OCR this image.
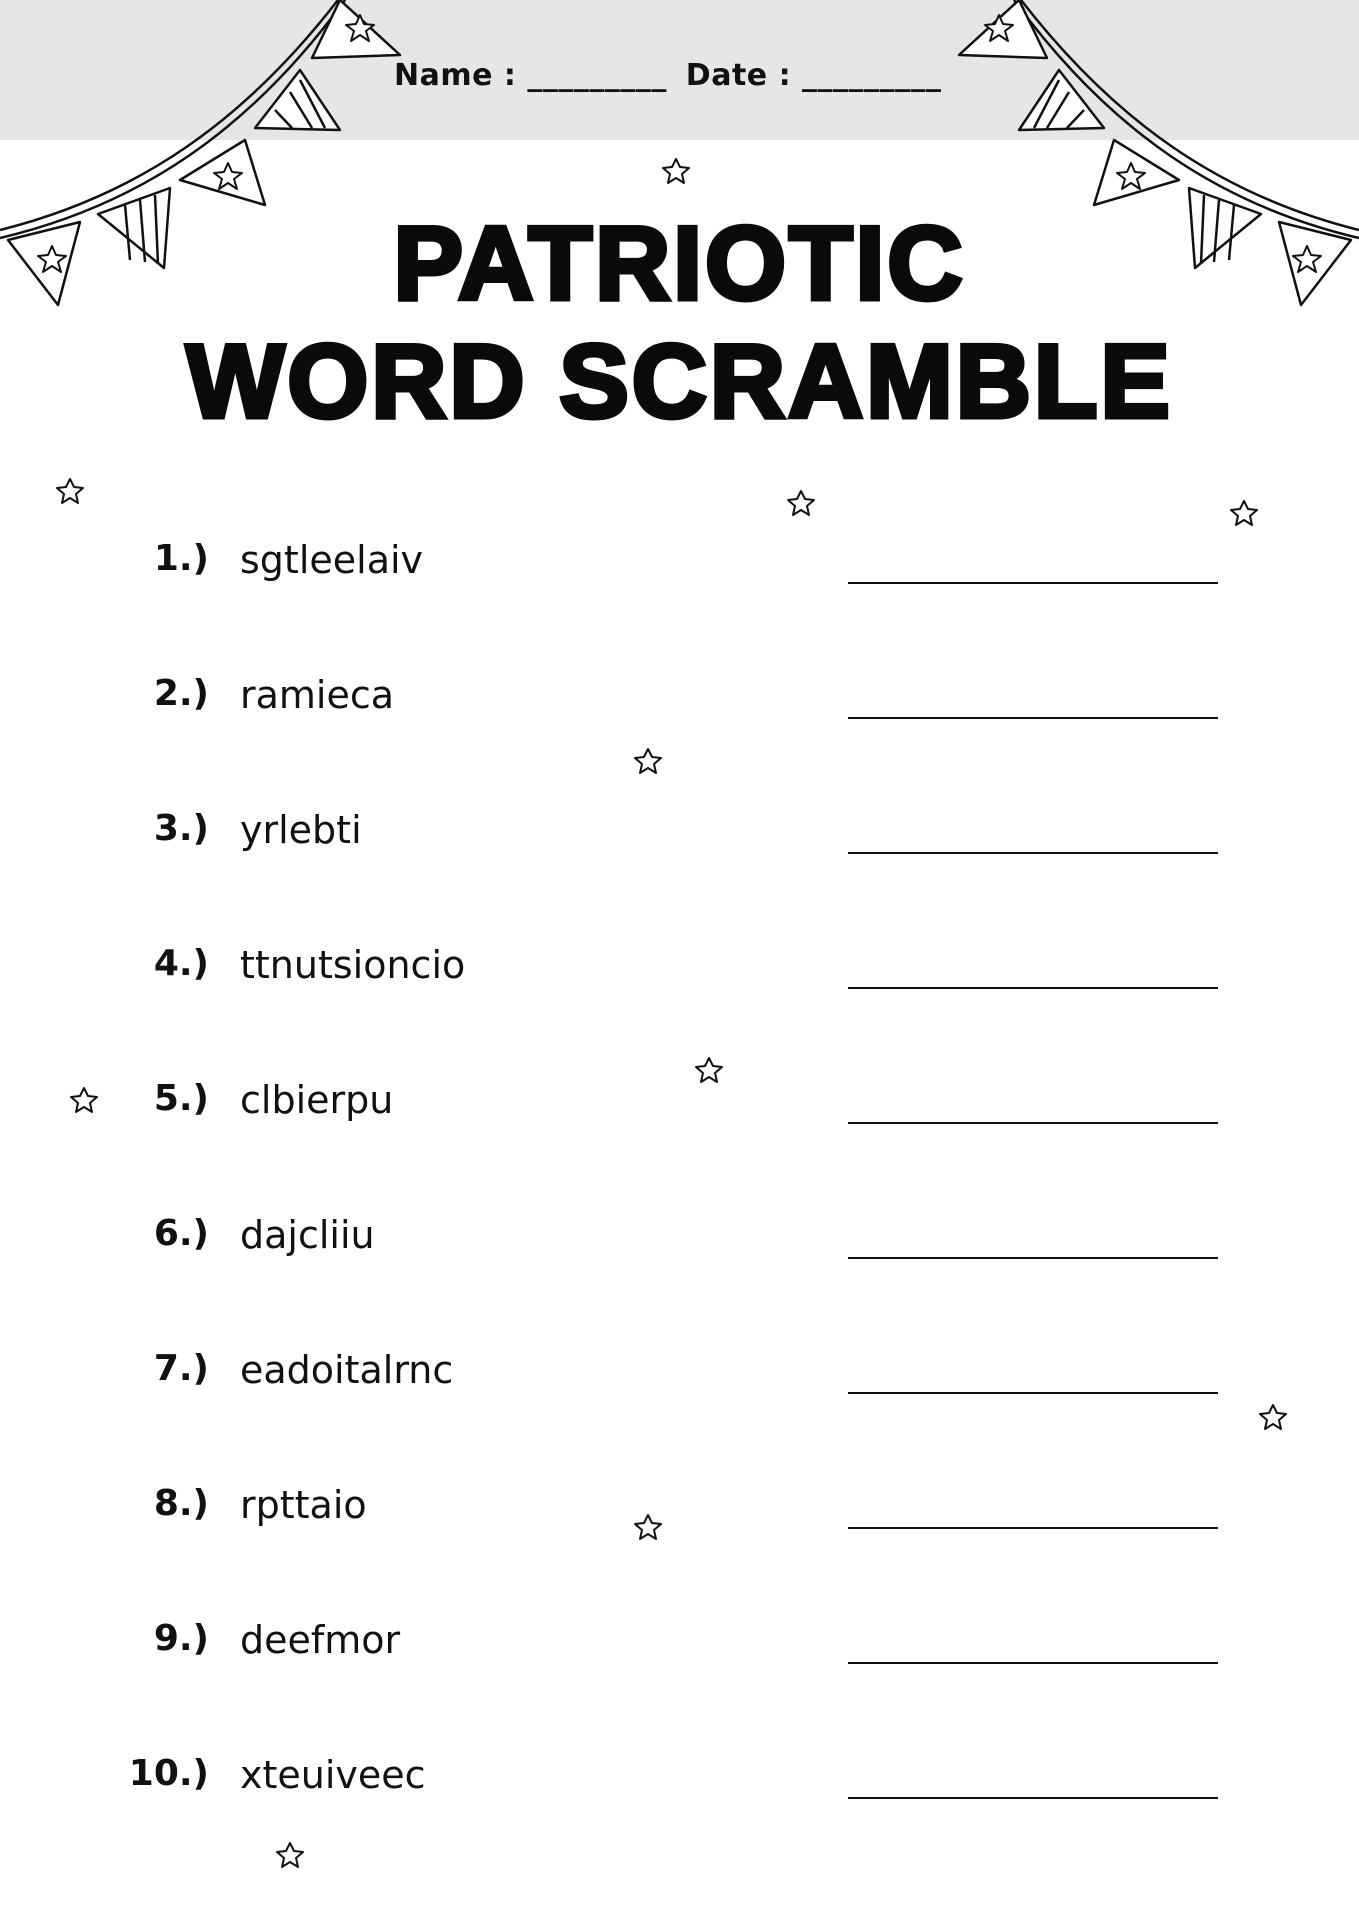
Name : _________ Date : _________
PATRIOTIC
WORD SCRAMBLE
1.) sgtleelaiv
2.) ramieca
3.) yrlebti
4.) ttnutsioncio
5.) clbierpu
6.) dajcliiu
7.) eadoitalrnc
8.) rpttaio
9.) deefmor
10.) xteuiveec
